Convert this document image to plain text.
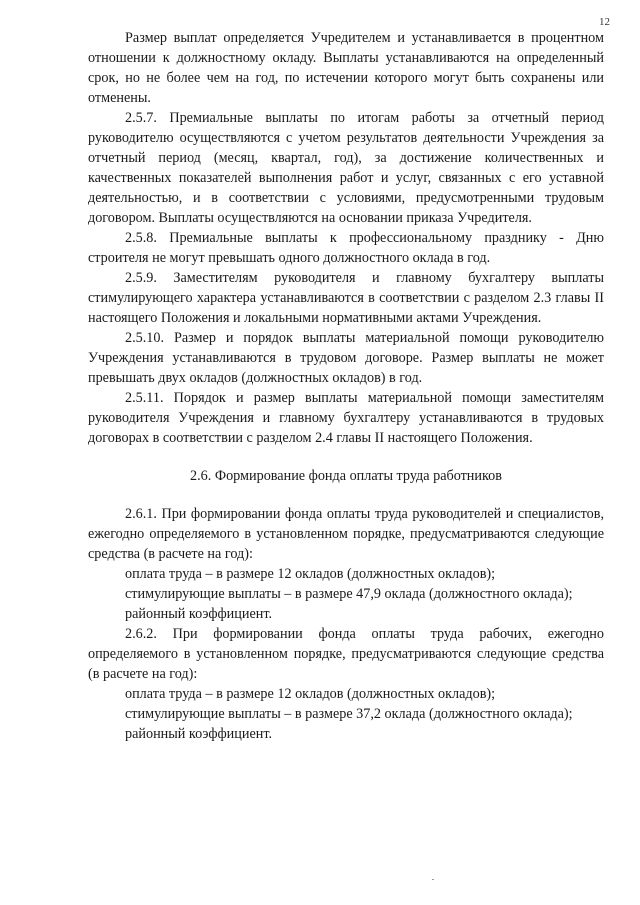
12

Размер выплат определяется Учредителем и устанавливается в процентном отношении к должностному окладу. Выплаты устанавливаются на определенный срок, но не более чем на год, по истечении которого могут быть сохранены или отменены.

2.5.7. Премиальные выплаты по итогам работы за отчетный период руководителю осуществляются с учетом результатов деятельности Учреждения за отчетный период (месяц, квартал, год), за достижение количественных и качественных показателей выполнения работ и услуг, связанных с его уставной деятельностью, и в соответствии с условиями, предусмотренными трудовым договором. Выплаты осуществляются на основании приказа Учредителя.

2.5.8. Премиальные выплаты к профессиональному празднику - Дню строителя не могут превышать одного должностного оклада в год.

2.5.9. Заместителям руководителя и главному бухгалтеру выплаты стимулирующего характера устанавливаются в соответствии с разделом 2.3 главы II настоящего Положения и локальными нормативными актами Учреждения.

2.5.10. Размер и порядок выплаты материальной помощи руководителю Учреждения устанавливаются в трудовом договоре. Размер выплаты не может превышать двух окладов (должностных окладов) в год.

2.5.11. Порядок и размер выплаты материальной помощи заместителям руководителя Учреждения и главному бухгалтеру устанавливаются в трудовых договорах в соответствии с разделом 2.4 главы II настоящего Положения.

2.6. Формирование фонда оплаты труда работников

2.6.1. При формировании фонда оплаты труда руководителей и специалистов, ежегодно определяемого в установленном порядке, предусматриваются следующие средства (в расчете на год):

оплата труда – в размере 12 окладов (должностных окладов);

стимулирующие выплаты – в размере 47,9 оклада (должностного оклада);

районный коэффициент.

2.6.2. При формировании фонда оплаты труда рабочих, ежегодно определяемого в установленном порядке, предусматриваются следующие средства (в расчете на год):

оплата труда – в размере 12 окладов (должностных окладов);

стимулирующие выплаты – в размере 37,2 оклада (должностного оклада);

районный коэффициент.
